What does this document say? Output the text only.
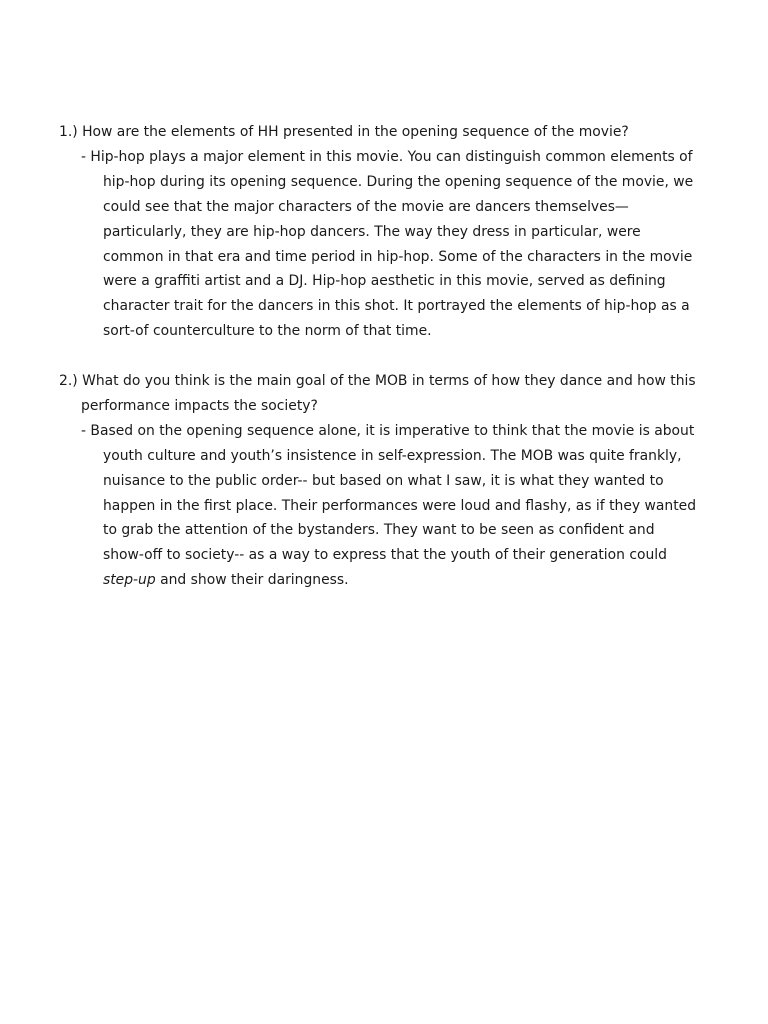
1.) How are the elements of HH presented in the opening sequence of the movie?

- Hip-hop plays a major element in this movie. You can distinguish common elements of hip-hop during its opening sequence. During the opening sequence of the movie, we could see that the major characters of the movie are dancers themselves— particularly, they are hip-hop dancers. The way they dress in particular, were common in that era and time period in hip-hop. Some of the characters in the movie were a graffiti artist and a DJ. Hip-hop aesthetic in this movie, served as defining character trait for the dancers in this shot. It portrayed the elements of hip-hop as a sort-of counterculture to the norm of that time.

2.) What do you think is the main goal of the MOB in terms of how they dance and how this performance impacts the society?

- Based on the opening sequence alone, it is imperative to think that the movie is about youth culture and youth’s insistence in self-expression. The MOB was quite frankly, nuisance to the public order-- but based on what I saw, it is what they wanted to happen in the first place. Their performances were loud and flashy, as if they wanted to grab the attention of the bystanders. They want to be seen as confident and show-off to society-- as a way to express that the youth of their generation could step-up and show their daringness.
